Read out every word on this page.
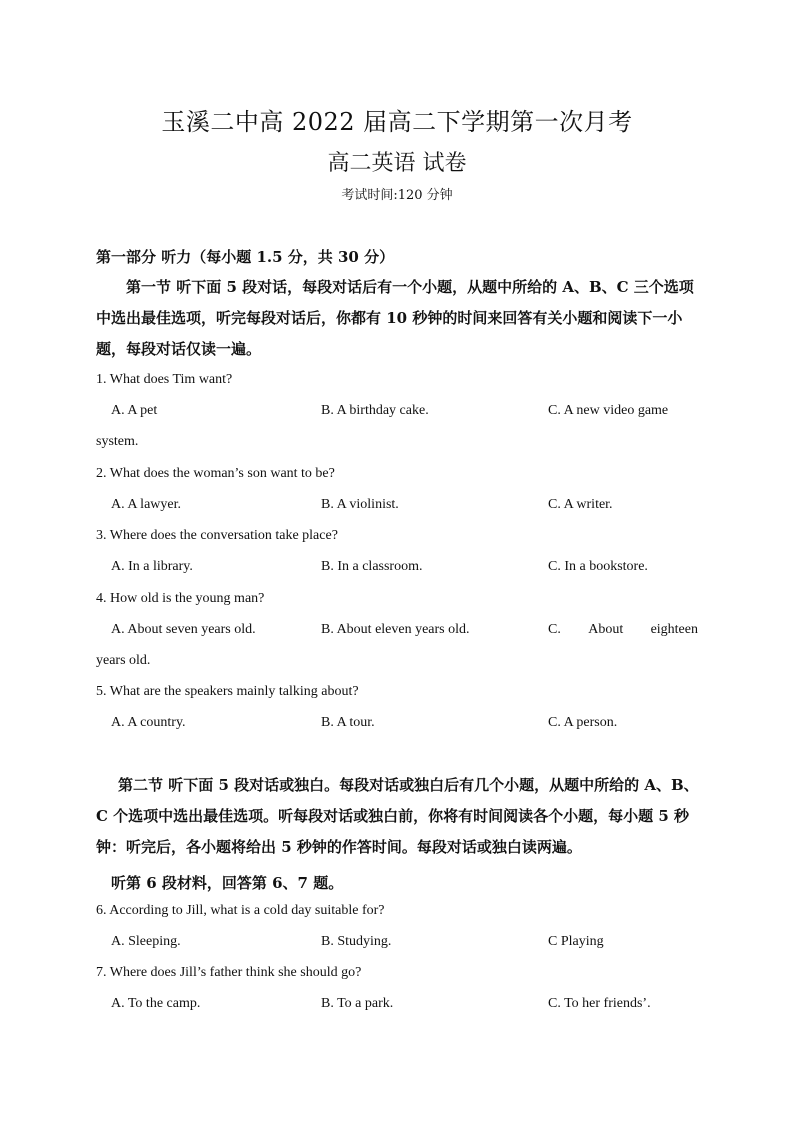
玉溪二中高 2022 届高二下学期第一次月考
高二英语 试卷
考试时间:120 分钟
第一部分 听力（每小题 1.5 分，共 30 分）
第一节 听下面 5 段对话，每段对话后有一个小题，从题中所给的 A、B、C 三个选项中选出最佳选项，听完每段对话后，你都有 10 秒钟的时间来回答有关小题和阅读下一小题，每段对话仅读一遍。
1. What does Tim want?
A. A pet	B. A birthday cake.	C. A new video game
system.
2. What does the woman’s son want to be?
A. A lawyer.	B. A violinist.	C. A writer.
3. Where does the conversation take place?
A. In a library.	B. In a classroom.	C. In a bookstore.
4. How old is the young man?
A. About seven years old.	B. About eleven years old.	C. About eighteen
years old.
5. What are the speakers mainly talking about?
A. A country.	B. A tour.	C. A person.
第二节 听下面 5 段对话或独白。每段对话或独白后有几个小题，从题中所给的 A、B、C 个选项中选出最佳选项。听每段对话或独白前，你将有时间阅读各个小题，每小题 5 秒钟：听完后，各小题将给出 5 秒钟的作答时间。每段对话或独白读两遍。
听第 6 段材料，回答第 6、7 题。
6. According to Jill, what is a cold day suitable for?
A. Sleeping.	B. Studying.	C Playing
7. Where does Jill’s father think she should go?
A. To the camp.	B. To a park.	C. To her friends’.
